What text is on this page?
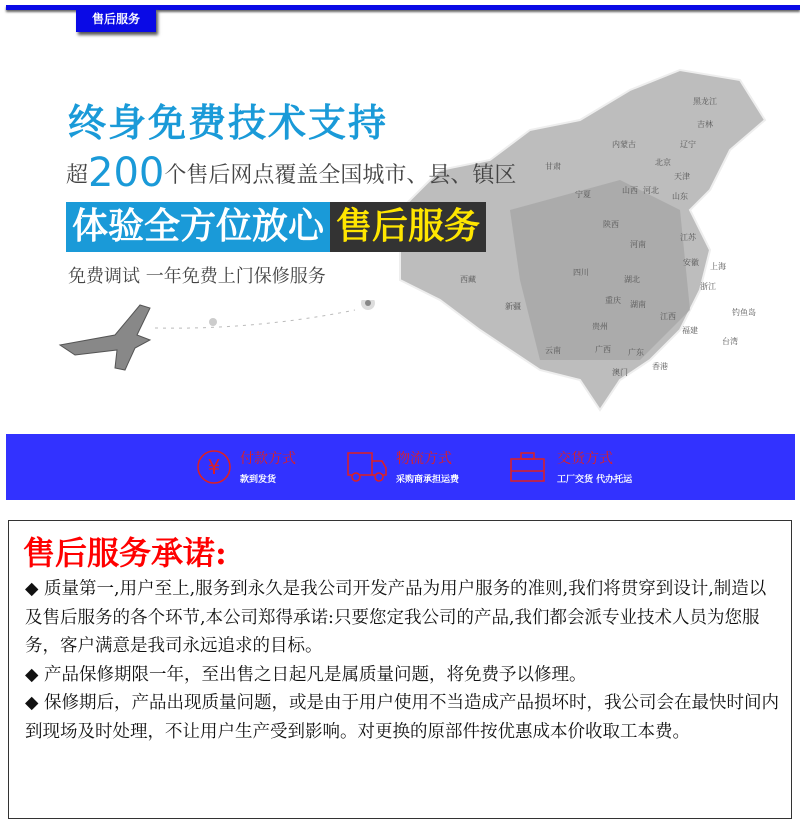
售后服务
黑龙江
吉林
辽宁
内蒙古
北京
天津
河北
山西
山东
甘肃
宁夏
陕西
河南
江苏
安徽
湖北
上海
四川
重庆
浙江
湖南
江西
贵州	福建
台湾
云南	广西 广东
香港
澳门
西藏
新疆
钓鱼岛
终身免费技术支持
超200个售后网点覆盖全国城市、县、镇区
体验全方位放心 售后服务
免费调试 一年免费上门保修服务
¥ 付款方式
款到发货
物流方式
采购商承担运费
交货方式
工厂交货 代办托运
售后服务承诺:

◆ 质量第一,用户至上,服务到永久是我公司开发产品为用户服务的准则,我们将贯穿到设计,制造以及售后服务的各个环节,本公司郑得承诺:只要您定我公司的产品,我们都会派专业技术人员为您服务，客户满意是我司永远追求的目标。

◆ 产品保修期限一年，至出售之日起凡是属质量问题，将免费予以修理。

◆ 保修期后，产品出现质量问题，或是由于用户使用不当造成产品损坏时，我公司会在最快时间内到现场及时处理，不让用户生产受到影响。对更换的原部件按优惠成本价收取工本费。
